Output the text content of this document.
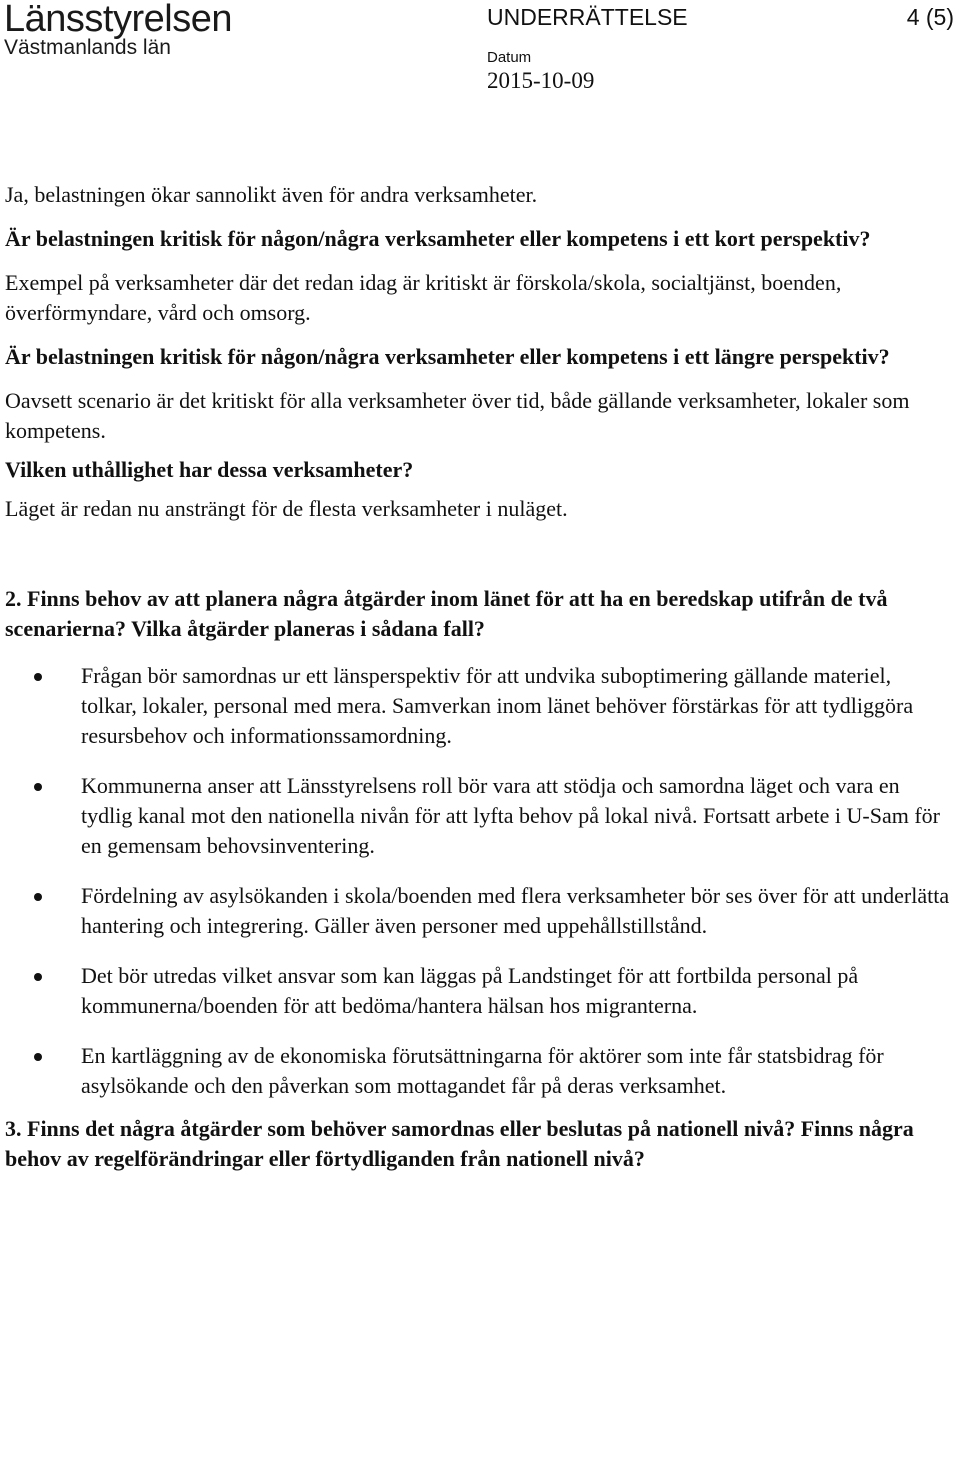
Länsstyrelsen
Västmanlands län
UNDERRÄTTELSE	4 (5)
Datum
2015-10-09

Ja, belastningen ökar sannolikt även för andra verksamheter.

Är belastningen kritisk för någon/några verksamheter eller kompetens i ett kort perspektiv?

Exempel på verksamheter där det redan idag är kritiskt är förskola/skola, socialtjänst, boenden, överförmyndare, vård och omsorg.

Är belastningen kritisk för någon/några verksamheter eller kompetens i ett längre perspektiv?

Oavsett scenario är det kritiskt för alla verksamheter över tid, både gällande verksamheter, lokaler som kompetens.

Vilken uthållighet har dessa verksamheter?

Läget är redan nu ansträngt för de flesta verksamheter i nuläget.

2. Finns behov av att planera några åtgärder inom länet för att ha en beredskap utifrån de två scenarierna? Vilka åtgärder planeras i sådana fall?

Frågan bör samordnas ur ett länsperspektiv för att undvika suboptimering gällande materiel, tolkar, lokaler, personal med mera. Samverkan inom länet behöver förstärkas för att tydliggöra resursbehov och informationssamordning.
Kommunerna anser att Länsstyrelsens roll bör vara att stödja och samordna läget och vara en tydlig kanal mot den nationella nivån för att lyfta behov på lokal nivå. Fortsatt arbete i U-Sam för en gemensam behovsinventering.
Fördelning av asylsökanden i skola/boenden med flera verksamheter bör ses över för att underlätta hantering och integrering. Gäller även personer med uppehållstillstånd.
Det bör utredas vilket ansvar som kan läggas på Landstinget för att fortbilda personal på kommunerna/boenden för att bedöma/hantera hälsan hos migranterna.
En kartläggning av de ekonomiska förutsättningarna för aktörer som inte får statsbidrag för asylsökande och den påverkan som mottagandet får på deras verksamhet.

3. Finns det några åtgärder som behöver samordnas eller beslutas på nationell nivå? Finns några behov av regelförändringar eller förtydliganden från nationell nivå?
